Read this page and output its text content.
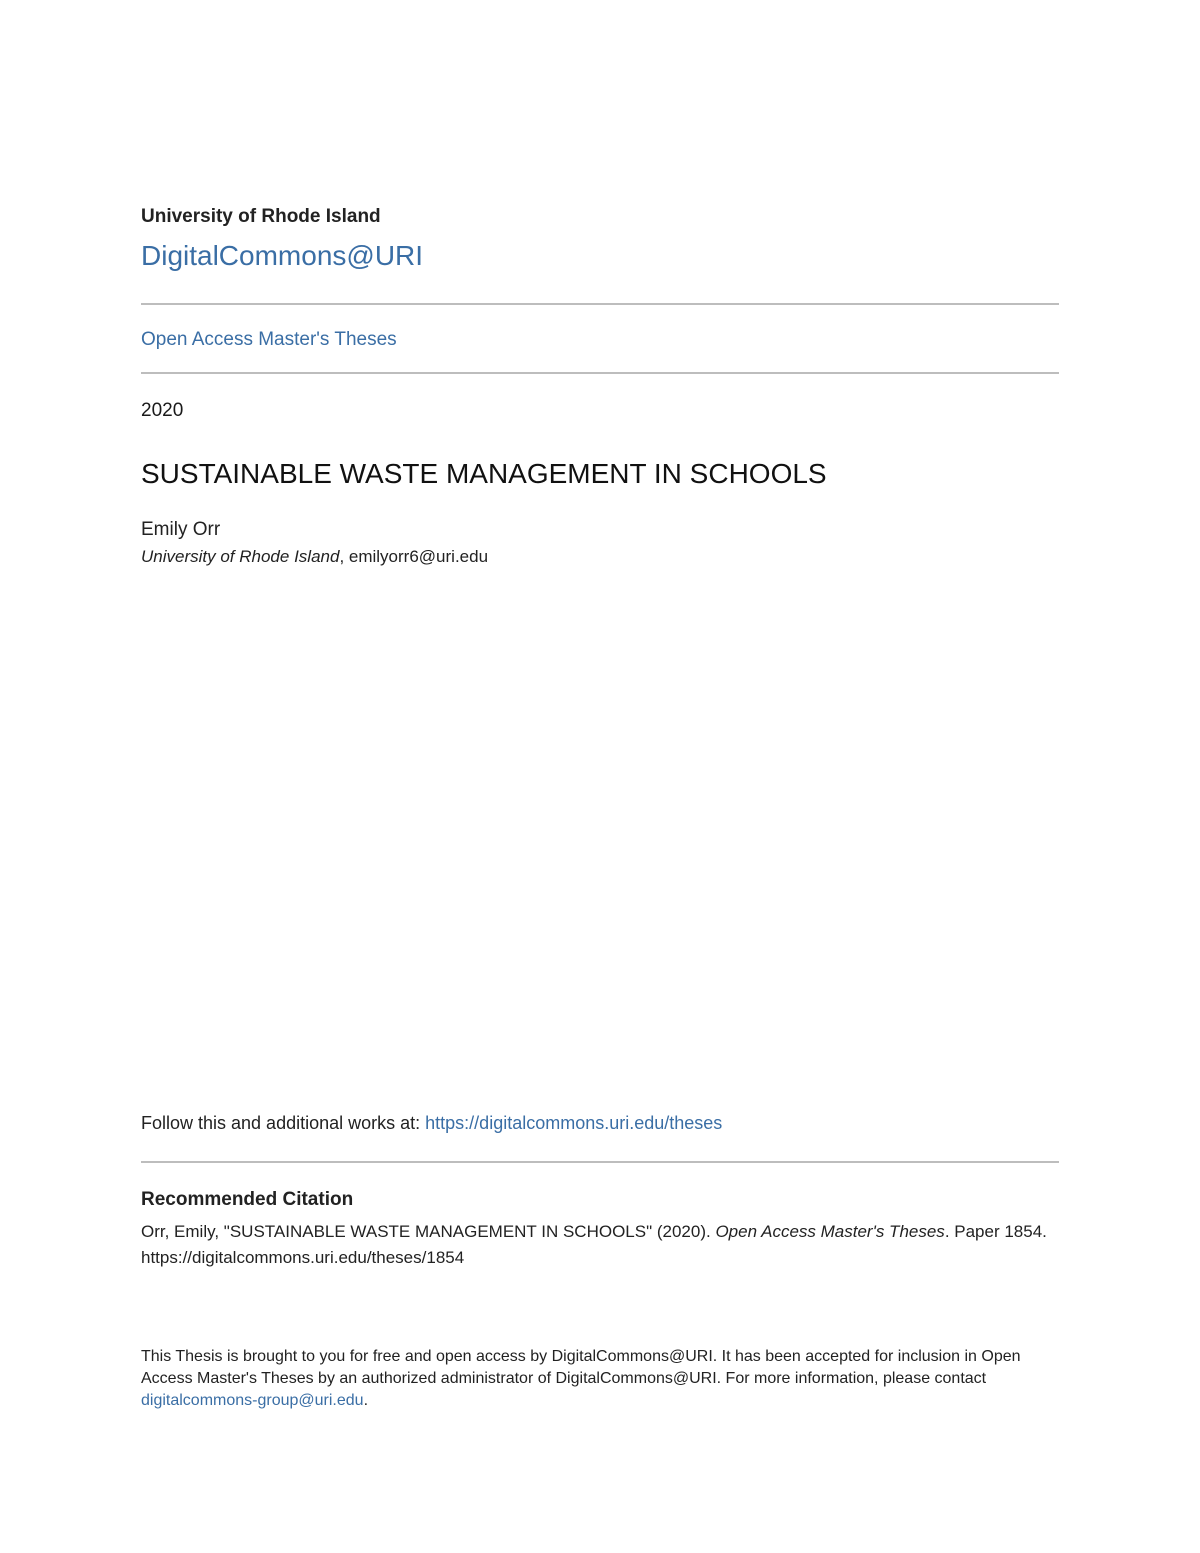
University of Rhode Island
DigitalCommons@URI
Open Access Master's Theses
2020
SUSTAINABLE WASTE MANAGEMENT IN SCHOOLS
Emily Orr
University of Rhode Island, emilyorr6@uri.edu
Follow this and additional works at: https://digitalcommons.uri.edu/theses
Recommended Citation
Orr, Emily, "SUSTAINABLE WASTE MANAGEMENT IN SCHOOLS" (2020). Open Access Master's Theses. Paper 1854.
https://digitalcommons.uri.edu/theses/1854
This Thesis is brought to you for free and open access by DigitalCommons@URI. It has been accepted for inclusion in Open Access Master's Theses by an authorized administrator of DigitalCommons@URI. For more information, please contact digitalcommons-group@uri.edu.
